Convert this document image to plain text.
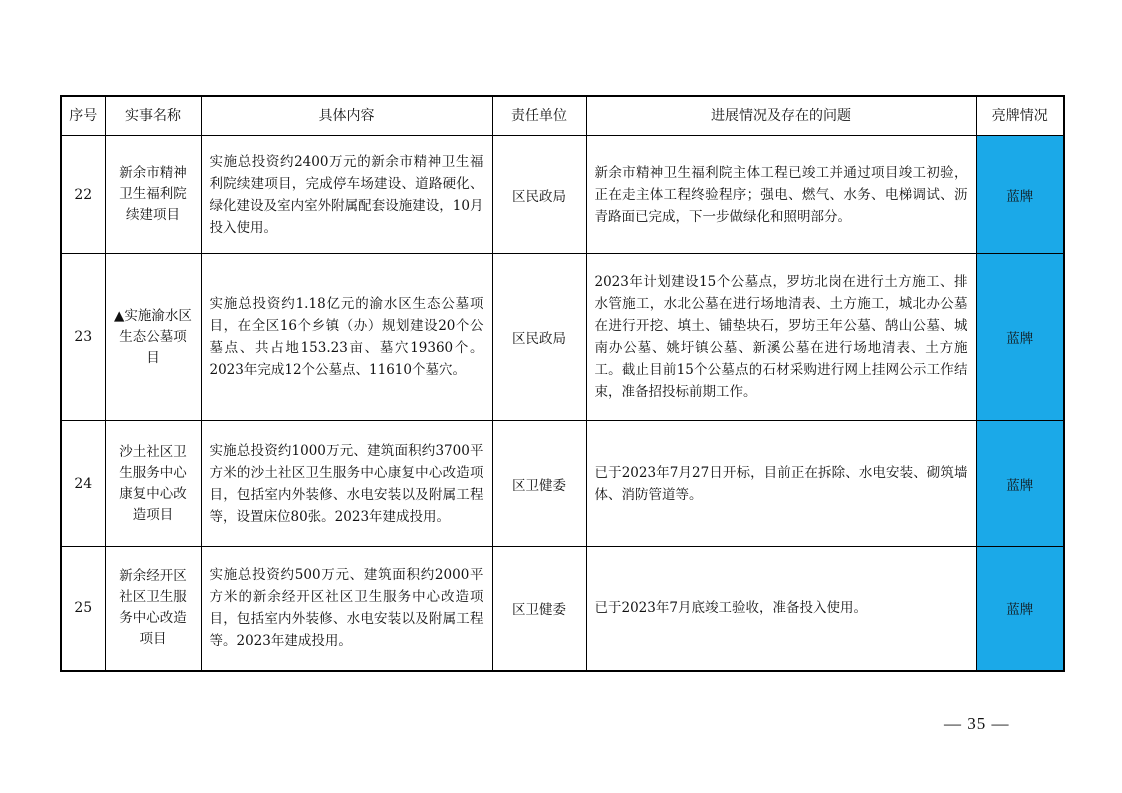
序号	实事名称	具体内容	责任单位	进展情况及存在的问题	亮牌情况
22	新余市精神卫生福利院续建项目	实施总投资约2400万元的新余市精神卫生福利院续建项目，完成停车场建设、道路硬化、绿化建设及室内室外附属配套设施建设，10月投入使用。	区民政局	新余市精神卫生福利院主体工程已竣工并通过项目竣工初验，正在走主体工程终验程序；强电、燃气、水务、电梯调试、沥青路面已完成，下一步做绿化和照明部分。	蓝牌
23	▲实施渝水区生态公墓项目	实施总投资约1.18亿元的渝水区生态公墓项目，在全区16个乡镇（办）规划建设20个公墓点、共占地153.23亩、墓穴19360个。2023年完成12个公墓点、11610个墓穴。	区民政局	2023年计划建设15个公墓点，罗坊北岗在进行土方施工、排水管施工，水北公墓在进行场地清表、土方施工，城北办公墓在进行开挖、填土、铺垫块石，罗坊王年公墓、鹄山公墓、城南办公墓、姚圩镇公墓、新溪公墓在进行场地清表、土方施工。截止目前15个公墓点的石材采购进行网上挂网公示工作结束，准备招投标前期工作。	蓝牌
24	沙土社区卫生服务中心康复中心改造项目	实施总投资约1000万元、建筑面积约3700平方米的沙土社区卫生服务中心康复中心改造项目，包括室内外装修、水电安装以及附属工程等，设置床位80张。2023年建成投用。	区卫健委	已于2023年7月27日开标，目前正在拆除、水电安装、砌筑墙体、消防管道等。	蓝牌
25	新余经开区社区卫生服务中心改造项目	实施总投资约500万元、建筑面积约2000平方米的新余经开区社区卫生服务中心改造项目，包括室内外装修、水电安装以及附属工程等。2023年建成投用。	区卫健委	已于2023年7月底竣工验收，准备投入使用。	蓝牌
— 35 —
